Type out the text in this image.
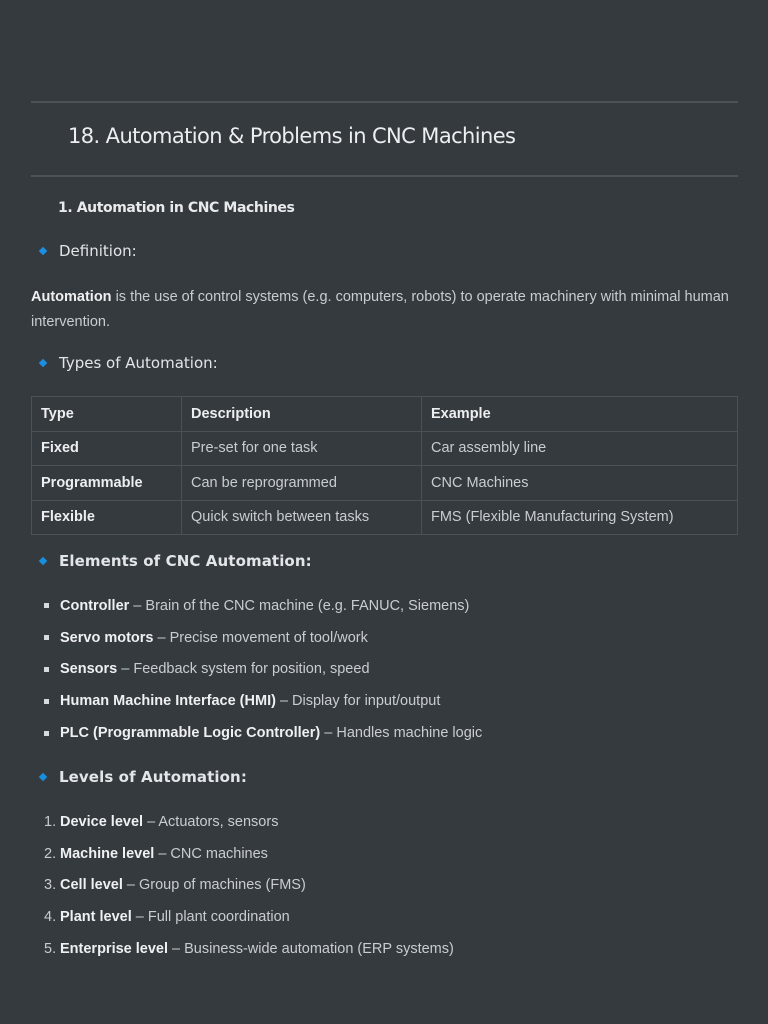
18. Automation & Problems in CNC Machines
1. Automation in CNC Machines
Definition:

Automation is the use of control systems (e.g. computers, robots) to operate machinery with minimal human intervention.

Types of Automation:
Type	Description	Example
Fixed	Pre-set for one task	Car assembly line
Programmable	Can be reprogrammed	CNC Machines
Flexible	Quick switch between tasks	FMS (Flexible Manufacturing System)
Elements of CNC Automation:
Controller – Brain of the CNC machine (e.g. FANUC, Siemens)
Servo motors – Precise movement of tool/work
Sensors – Feedback system for position, speed
Human Machine Interface (HMI) – Display for input/output
PLC (Programmable Logic Controller) – Handles machine logic
Levels of Automation:
1. Device level – Actuators, sensors
2. Machine level – CNC machines
3. Cell level – Group of machines (FMS)
4. Plant level – Full plant coordination
5. Enterprise level – Business-wide automation (ERP systems)
